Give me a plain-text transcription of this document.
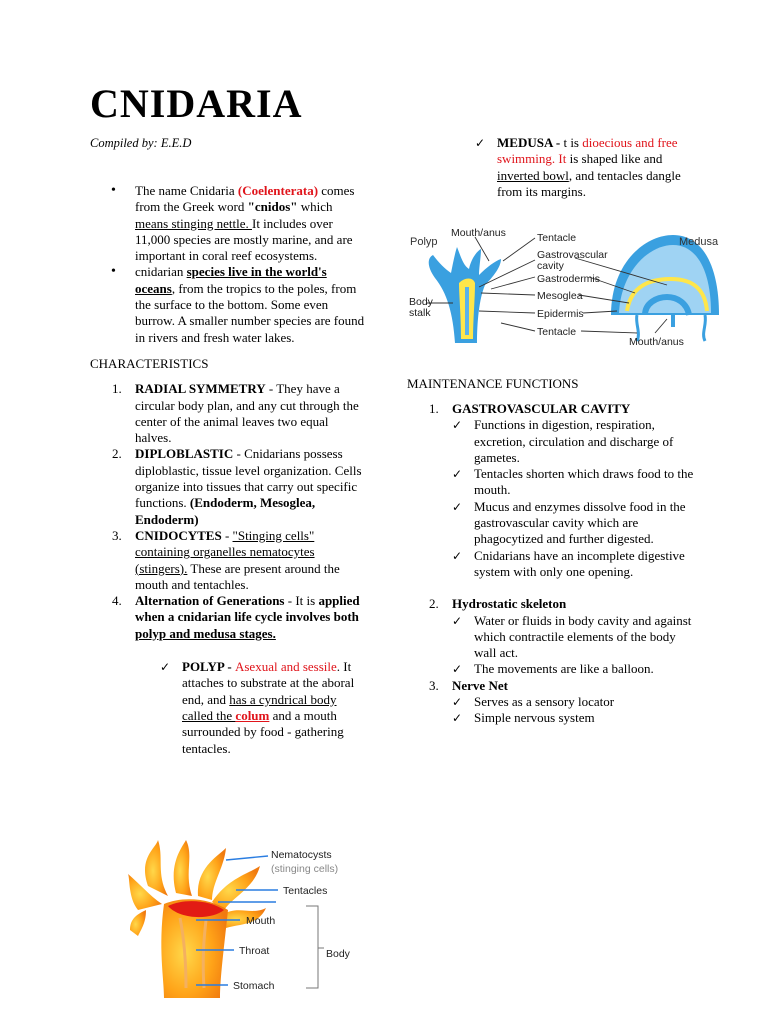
CNIDARIA
Compiled by: E.E.D
• The name Cnidaria (Coelenterata) comes from the Greek word "cnidos" which means stinging nettle. It includes over 11,000 species are mostly marine, and are important in coral reef ecosystems.
• cnidarian species live in the world's oceans, from the tropics to the poles, from the surface to the bottom. Some even burrow. A smaller number species are found in rivers and fresh water lakes.
CHARACTERISTICS
1. RADIAL SYMMETRY - They have a circular body plan, and any cut through the center of the animal leaves two equal halves.
2. DIPLOBLASTIC - Cnidarians possess diploblastic, tissue level organization. Cells organize into tissues that carry out specific functions. (Endoderm, Mesoglea, Endoderm)
3. CNIDOCYTES - "Stinging cells" containing organelles nematocytes (stingers). These are present around the mouth and tentachles.
4. Alternation of Generations - It is applied when a cnidarian life cycle involves both polyp and medusa stages.
✓ POLYP - Asexual and sessile. It attaches to substrate at the aboral end, and has a cyndrical body called the colum and a mouth surrounded by food - gathering tentacles.
Nematocysts
(stinging cells)
Tentacles
Mouth
Throat	Body
Stomach
✓ MEDUSA - t is dioecious and free swimming. It is shaped like and inverted bowl, and tentacles dangle from its margins.
Polyp
Mouth/anus	Tentacle
Gastrovascular
cavity
Gastrodermis
Mesoglea
Epidermis
Tentacle
Medusa
Mouth/anus
Body
stalk
MAINTENANCE FUNCTIONS
1. GASTROVASCULAR CAVITY
✓ Functions in digestion, respiration, excretion, circulation and discharge of gametes.
✓ Tentacles shorten which draws food to the mouth.
✓ Mucus and enzymes dissolve food in the gastrovascular cavity which are phagocytized and further digested.
✓ Cnidarians have an incomplete digestive system with only one opening.
2. Hydrostatic skeleton
✓ Water or fluids in body cavity and against which contractile elements of the body wall act.
✓ The movements are like a balloon.
3. Nerve Net
✓ Serves as a sensory locator
✓ Simple nervous system
